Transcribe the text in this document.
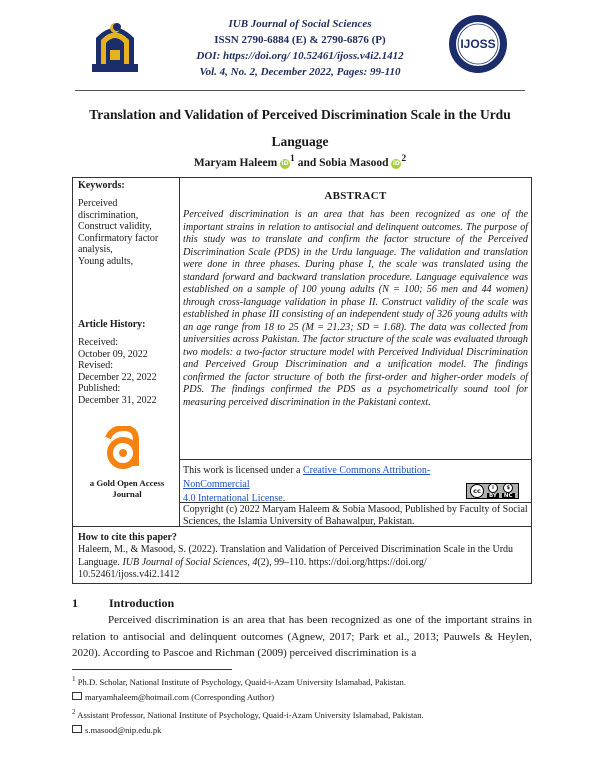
IUB Journal of Social Sciences
ISSN 2790-6884 (E) & 2790-6876 (P)
DOI: https://doi.org/ 10.52461/ijoss.v4i2.1412
Vol. 4, No. 2, December 2022, Pages: 99-110
IJOSS
Translation and Validation of Perceived Discrimination Scale in the Urdu
Language
Maryam Haleem $iD^1$ and Sobia Masood $iD^2$
Keywords:
Perceived
discrimination,
Construct validity,
Confirmatory factor
analysis,
Young adults,
Article History:
Received:
October 09, 2022
Revised:
December 22, 2022
Published:
December 31, 2022
a Gold Open Access
Journal
ABSTRACT
Perceived discrimination is an area that has been recognized as one of the important strains in relation to antisocial and delinquent outcomes. The purpose of this study was to translate and confirm the factor structure of the Perceived Discrimination Scale (PDS) in the Urdu language. The validation and translation were done in three phases. During phase I, the scale was translated using the standard forward and backward translation procedure. Language equivalence was established on a sample of 100 young adults (N = 100; 56 men and 44 women) through cross-language validation in phase II. Construct validity of the scale was established in phase III consisting of an independent study of 326 young adults with an age range from 18 to 25 (M = 21.23; SD = 1.68). The data was collected from universities across Pakistan. The factor structure of the scale was evaluated through two models: a two-factor structure model with Perceived Individual Discrimination and Perceived Group Discrimination and a unification model. The findings confirmed the factor structure of both the first-order and higher-order models of PDS. The findings confirmed the PDS as a psychometrically sound tool for measuring perceived discrimination in the Pakistani context.
This work is licensed under a Creative Commons Attribution-NonCommercial
4.0 International License.
cc	i
BY
$
NC
Copyright (c) 2022 Maryam Haleem & Sobia Masood, Published by Faculty of Social Sciences, the Islamia University of Bahawalpur, Pakistan.
How to cite this paper?
Haleem, M., & Masood, S. (2022). Translation and Validation of Perceived Discrimination Scale in the Urdu Language. IUB Journal of Social Sciences, 4(2), 99–110. https://doi.org/https://doi.org/ 10.52461/ijoss.v4i2.1412
1	Introduction
Perceived discrimination is an area that has been recognized as one of the important strains in relation to antisocial and delinquent outcomes (Agnew, 2017; Park et al., 2013; Pauwels & Heylen, 2020). According to Pascoe and Richman (2009) perceived discrimination is a
$^1$ Ph.D. Scholar, National Institute of Psychology, Quaid-i-Azam University Islamabad, Pakistan.
maryamhaleem@hotmail.com (Corresponding Author)
$^2$ Assistant Professor, National Institute of Psychology, Quaid-i-Azam University Islamabad, Pakistan.
s.masood@nip.edu.pk
